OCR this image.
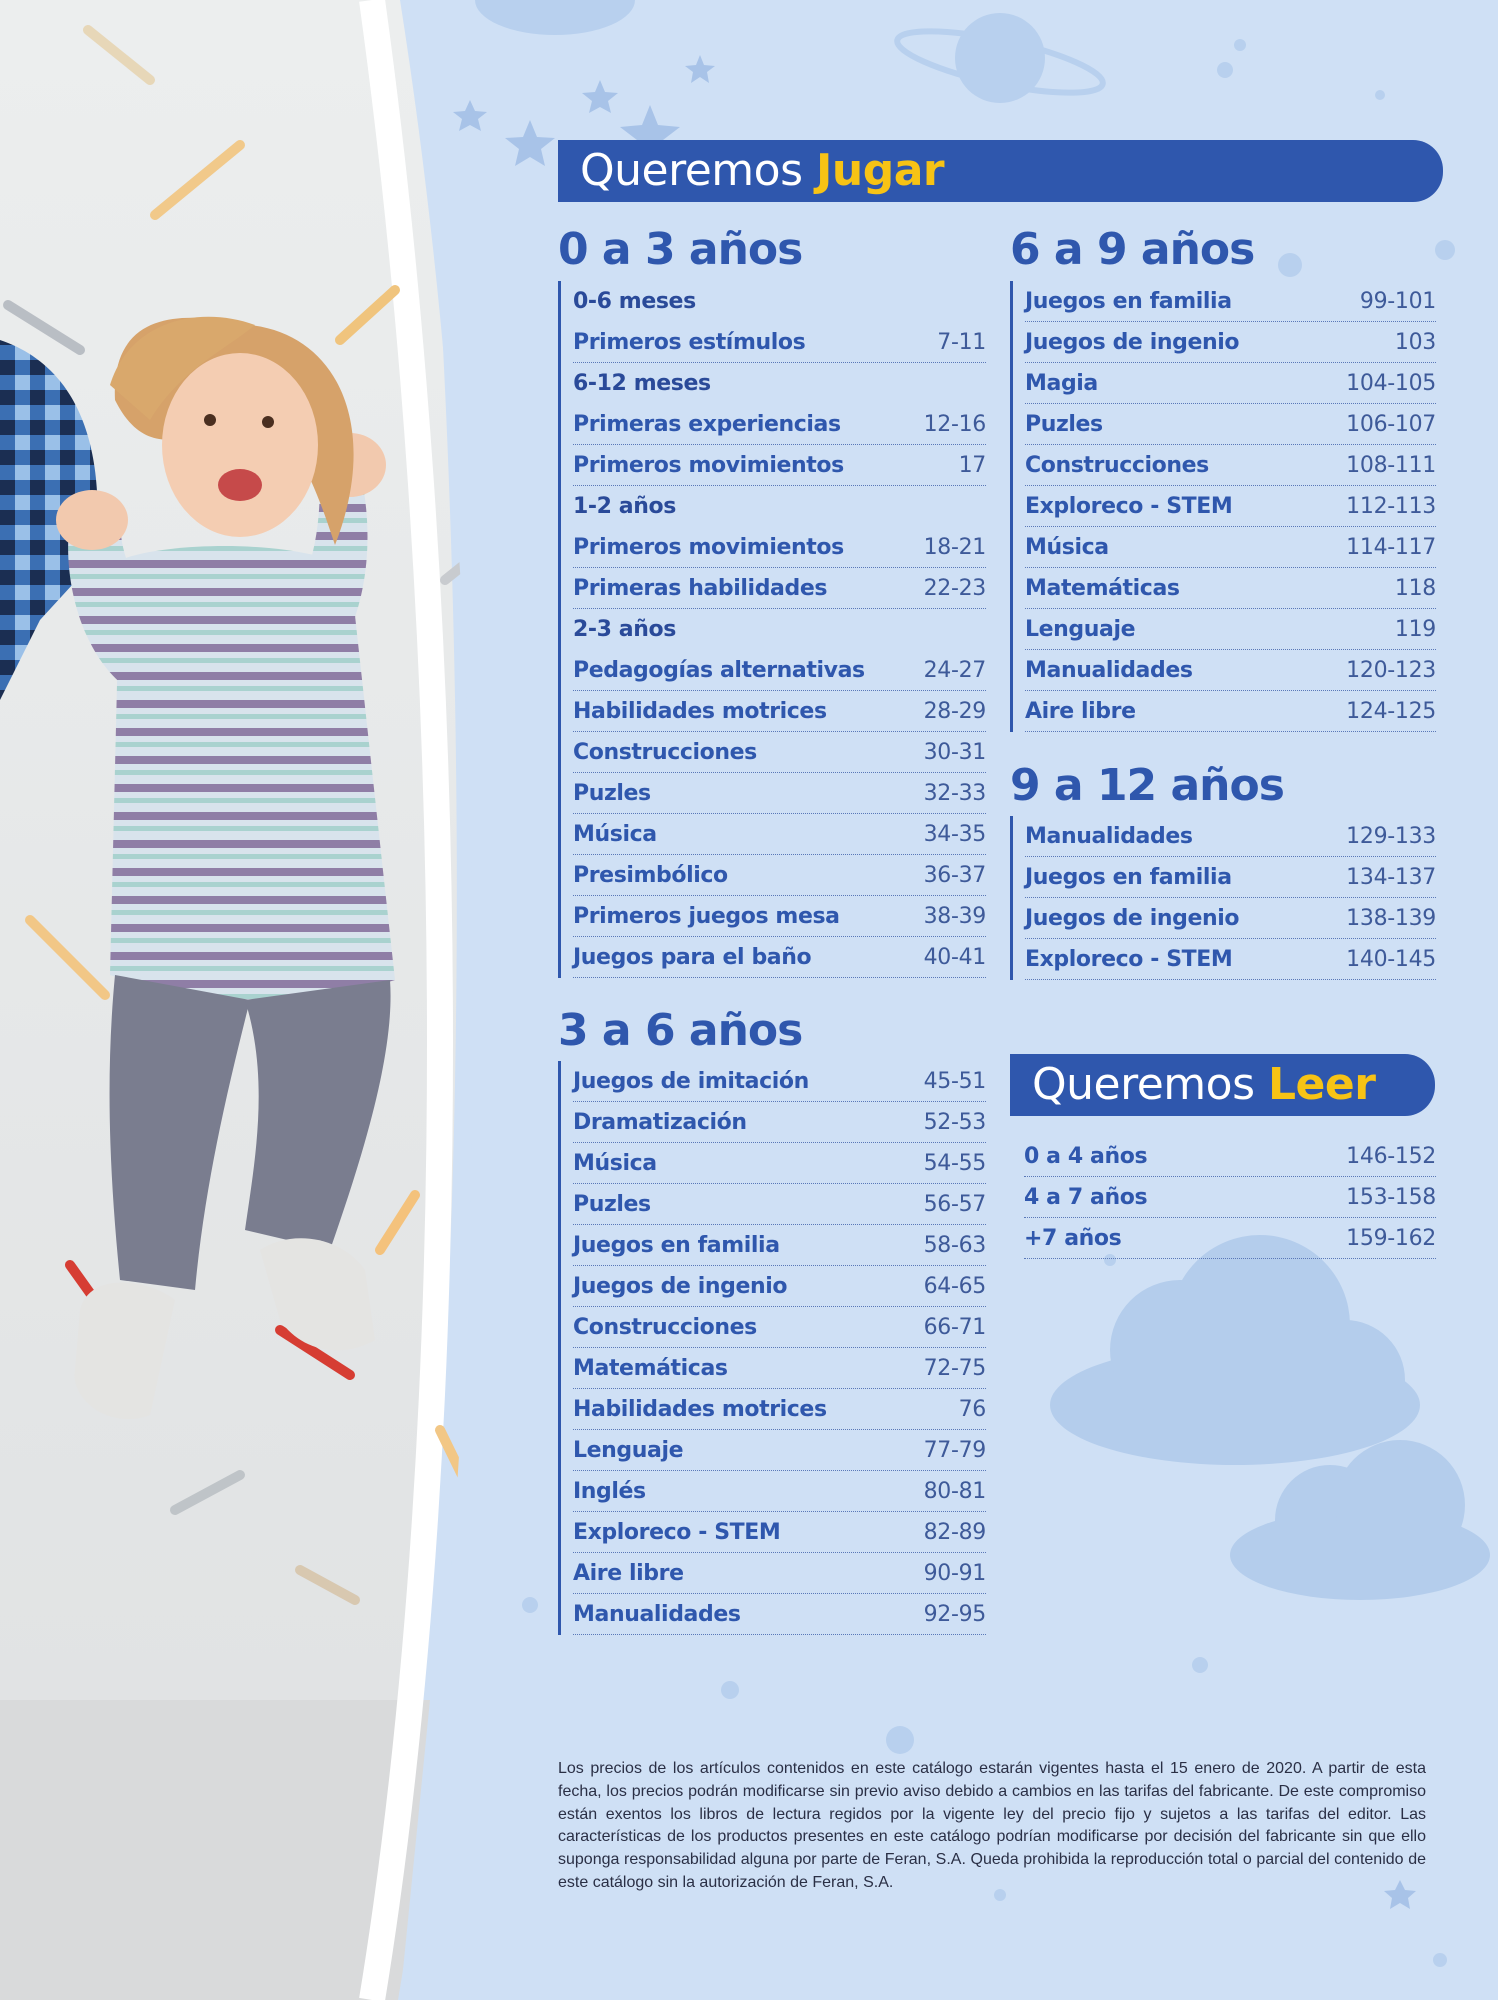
Queremos Jugar
0 a 3 años
0-6 meses
Primeros estímulos	7-11
6-12 meses
Primeras experiencias	12-16
Primeros movimientos	17
1-2 años
Primeros movimientos	18-21
Primeras habilidades	22-23
2-3 años
Pedagogías alternativas	24-27
Habilidades motrices	28-29
Construcciones	30-31
Puzles	32-33
Música	34-35
Presimbólico	36-37
Primeros juegos mesa	38-39
Juegos para el baño	40-41
3 a 6 años
Juegos de imitación	45-51
Dramatización	52-53
Música	54-55
Puzles	56-57
Juegos en familia	58-63
Juegos de ingenio	64-65
Construcciones	66-71
Matemáticas	72-75
Habilidades motrices	76
Lenguaje	77-79
Inglés	80-81
Exploreco - STEM	82-89
Aire libre	90-91
Manualidades	92-95
6 a 9 años
Juegos en familia	99-101
Juegos de ingenio	103
Magia	104-105
Puzles	106-107
Construcciones	108-111
Exploreco - STEM	112-113
Música	114-117
Matemáticas	118
Lenguaje	119
Manualidades	120-123
Aire libre	124-125
9 a 12 años
Manualidades	129-133
Juegos en familia	134-137
Juegos de ingenio	138-139
Exploreco - STEM	140-145
Queremos Leer
0 a 4 años	146-152
4 a 7 años	153-158
+7 años	159-162
Los precios de los artículos contenidos en este catálogo estarán vigentes hasta el 15 enero de 2020. A partir de esta fecha, los precios podrán modificarse sin previo aviso debido a cambios en las tarifas del fabricante. De este compromiso están exentos los libros de lectura regidos por la vigente ley del precio fijo y sujetos a las tarifas del editor. Las características de los productos presentes en este catálogo podrían modificarse por decisión del fabricante sin que ello suponga responsabilidad alguna por parte de Feran, S.A. Queda prohibida la reproducción total o parcial del contenido de este catálogo sin la autorización de Feran, S.A.
